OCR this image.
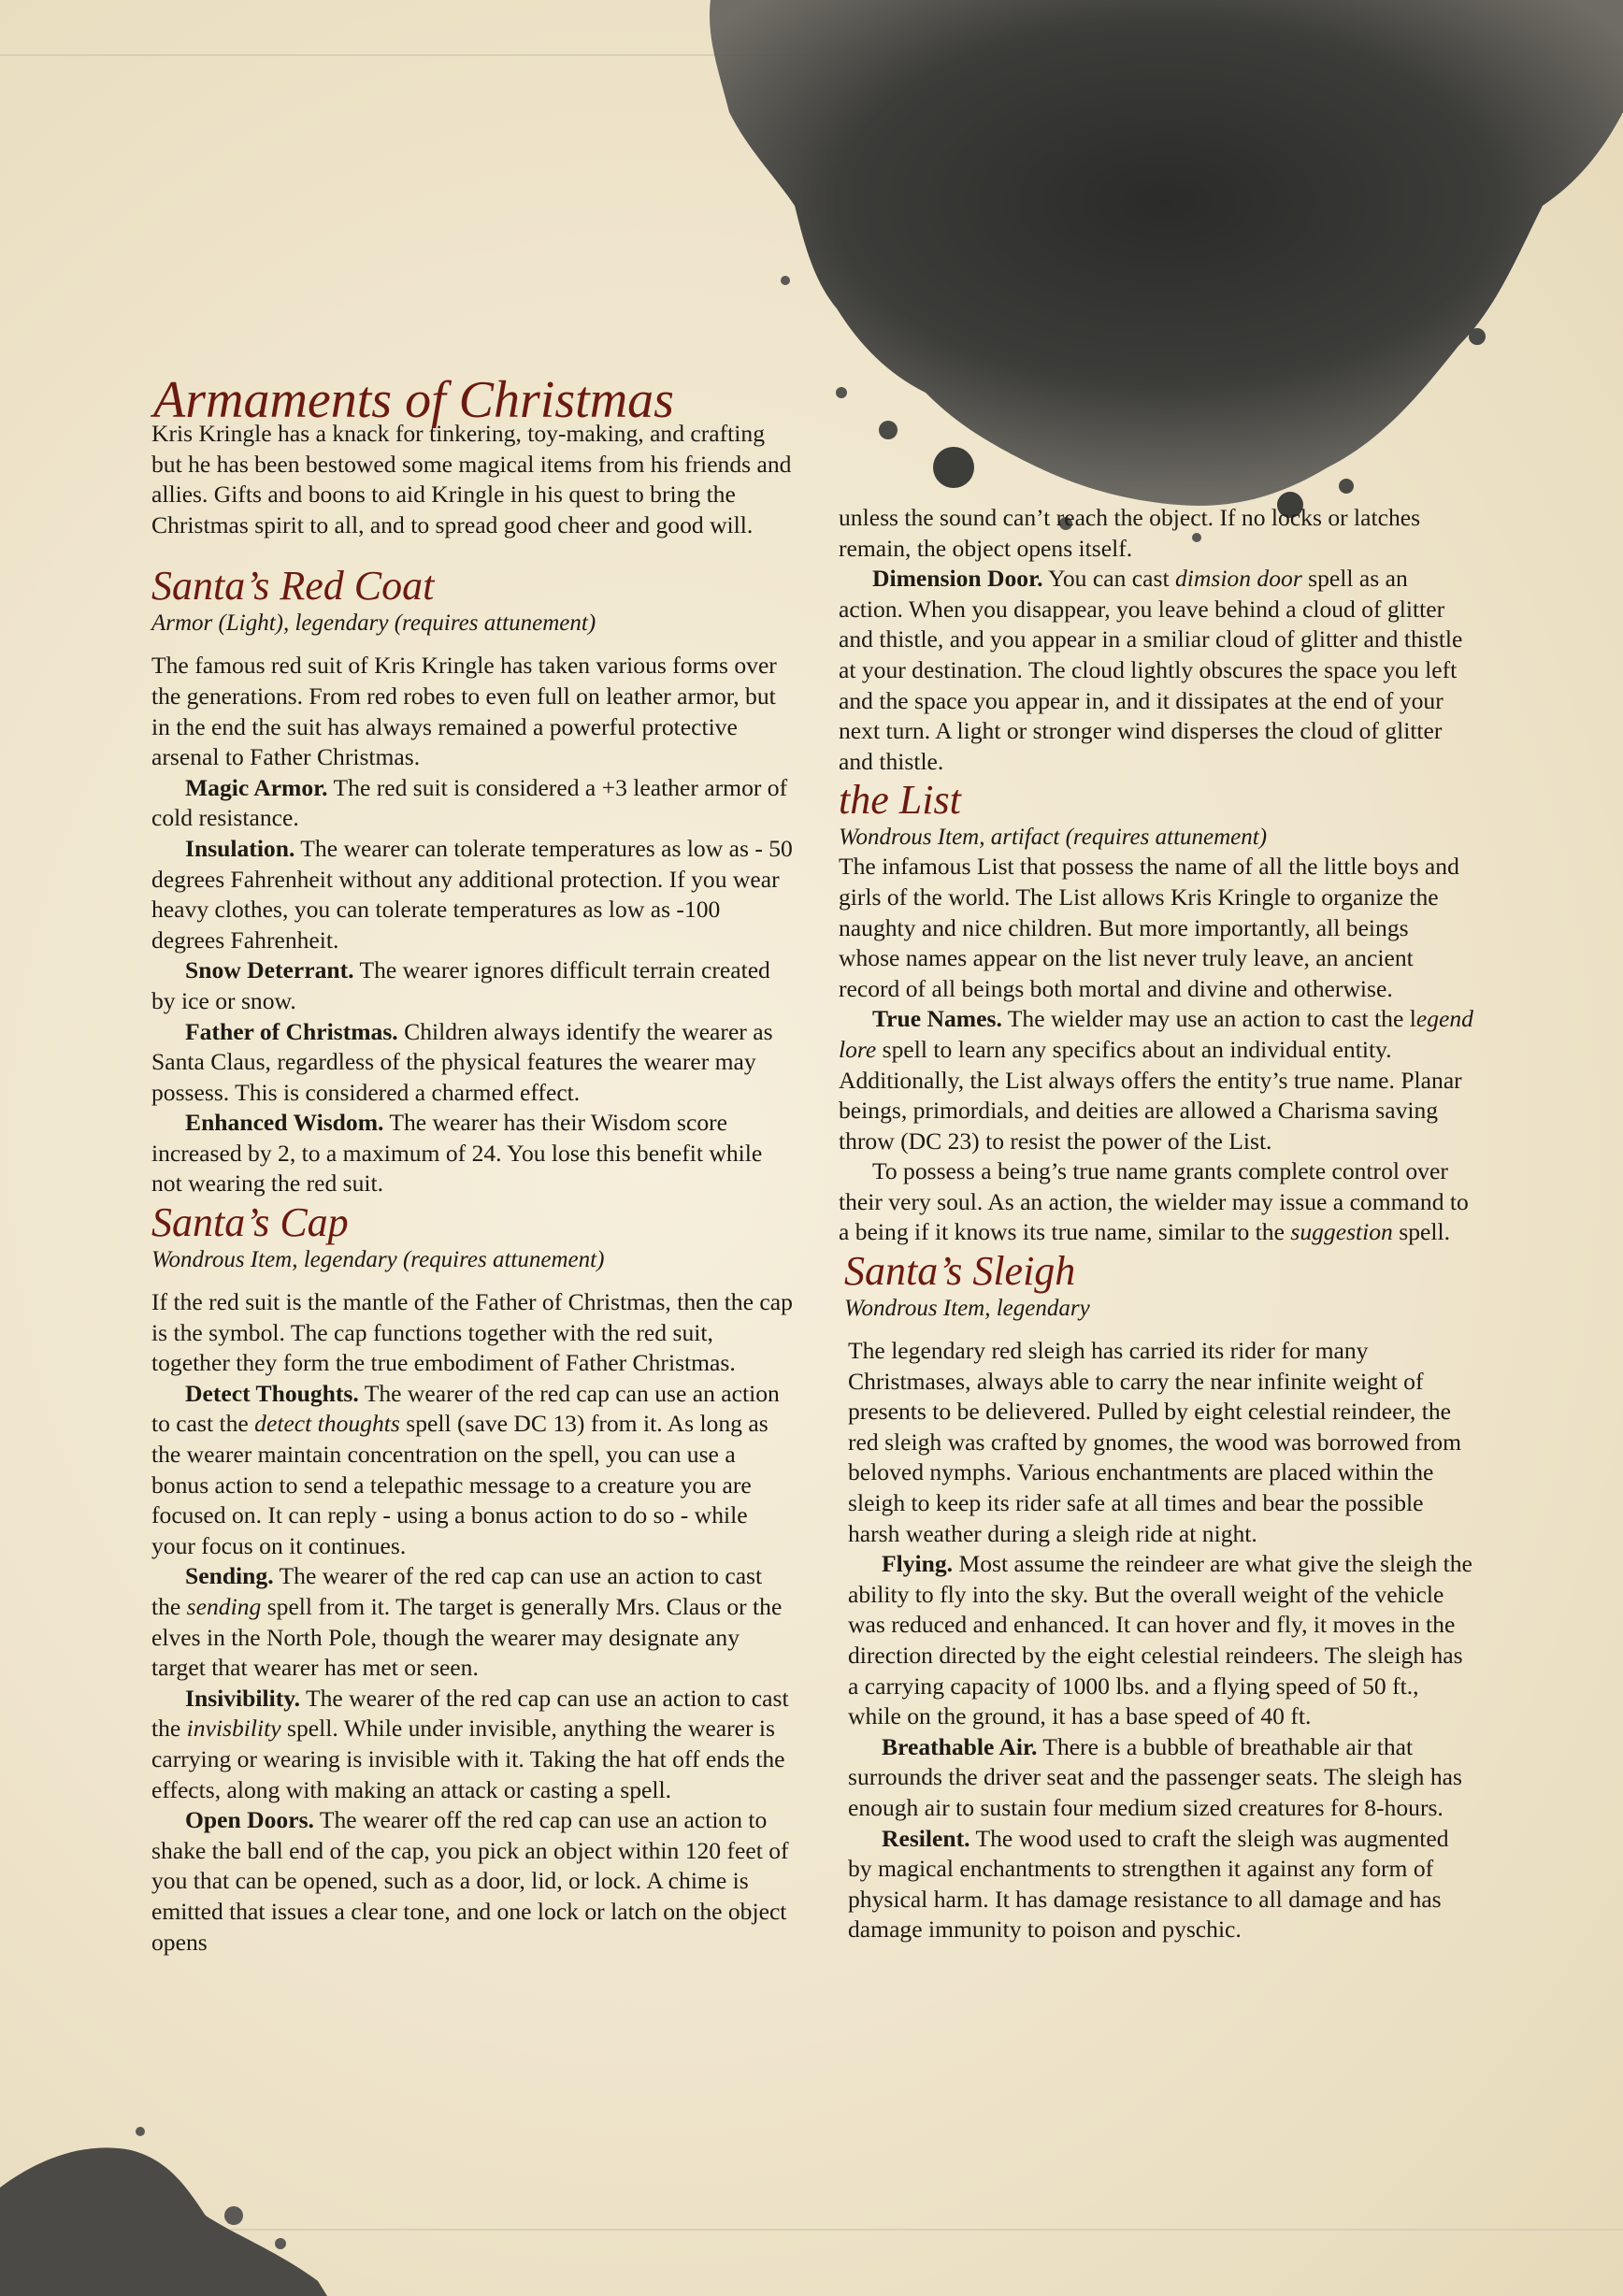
Armaments of Christmas

Kris Kringle has a knack for tinkering, toy-making, and crafting but he has been bestowed some magical items from his friends and allies. Gifts and boons to aid Kringle in his quest to bring the Christmas spirit to all, and to spread good cheer and good will.

Santa’s Red Coat

Armor (Light), legendary (requires attunement)

The famous red suit of Kris Kringle has taken various forms over the generations. From red robes to even full on leather armor, but in the end the suit has always remained a powerful protective arsenal to Father Christmas.

Magic Armor. The red suit is considered a +3 leather armor of cold resistance.

Insulation. The wearer can tolerate temperatures as low as - 50 degrees Fahrenheit without any additional protection. If you wear heavy clothes, you can tolerate temperatures as low as -100 degrees Fahrenheit.

Snow Deterrant. The wearer ignores difficult terrain created by ice or snow.

Father of Christmas. Children always identify the wearer as Santa Claus, regardless of the physical features the wearer may possess. This is considered a charmed effect.

Enhanced Wisdom. The wearer has their Wisdom score increased by 2, to a maximum of 24. You lose this benefit while not wearing the red suit.

Santa’s Cap

Wondrous Item, legendary (requires attunement)

If the red suit is the mantle of the Father of Christmas, then the cap is the symbol. The cap functions together with the red suit, together they form the true embodiment of Father Christmas.

Detect Thoughts. The wearer of the red cap can use an action to cast the detect thoughts spell (save DC 13) from it. As long as the wearer maintain concentration on the spell, you can use a bonus action to send a telepathic message to a creature you are focused on. It can reply - using a bonus action to do so - while your focus on it continues.

Sending. The wearer of the red cap can use an action to cast the sending spell from it. The target is generally Mrs. Claus or the elves in the North Pole, though the wearer may designate any target that wearer has met or seen.

Insivibility. The wearer of the red cap can use an action to cast the invisbility spell. While under invisible, anything the wearer is carrying or wearing is invisible with it. Taking the hat off ends the effects, along with making an attack or casting a spell.

Open Doors. The wearer off the red cap can use an action to shake the ball end of the cap, you pick an object within 120 feet of you that can be opened, such as a door, lid, or lock. A chime is emitted that issues a clear tone, and one lock or latch on the object opens

unless the sound can’t reach the object. If no locks or latches remain, the object opens itself.

Dimension Door. You can cast dimsion door spell as an action. When you disappear, you leave behind a cloud of glitter and thistle, and you appear in a smiliar cloud of glitter and thistle at your destination. The cloud lightly obscures the space you left and the space you appear in, and it dissipates at the end of your next turn. A light or stronger wind disperses the cloud of glitter and thistle.

the List

Wondrous Item, artifact (requires attunement)

The infamous List that possess the name of all the little boys and girls of the world. The List allows Kris Kringle to organize the naughty and nice children. But more importantly, all beings whose names appear on the list never truly leave, an ancient record of all beings both mortal and divine and otherwise.

True Names. The wielder may use an action to cast the legend lore spell to learn any specifics about an individual entity. Additionally, the List always offers the entity’s true name. Planar beings, primordials, and deities are allowed a Charisma saving throw (DC 23) to resist the power of the List.

To possess a being’s true name grants complete control over their very soul. As an action, the wielder may issue a command to a being if it knows its true name, similar to the suggestion spell.

Santa’s Sleigh

Wondrous Item, legendary

The legendary red sleigh has carried its rider for many Christmases, always able to carry the near infinite weight of presents to be delievered. Pulled by eight celestial reindeer, the red sleigh was crafted by gnomes, the wood was borrowed from beloved nymphs. Various enchantments are placed within the sleigh to keep its rider safe at all times and bear the possible harsh weather during a sleigh ride at night.

Flying. Most assume the reindeer are what give the sleigh the ability to fly into the sky. But the overall weight of the vehicle was reduced and enhanced. It can hover and fly, it moves in the direction directed by the eight celestial reindeers. The sleigh has a carrying capacity of 1000 lbs. and a flying speed of 50 ft., while on the ground, it has a base speed of 40 ft.

Breathable Air. There is a bubble of breathable air that surrounds the driver seat and the passenger seats. The sleigh has enough air to sustain four medium sized creatures for 8-hours.

Resilent. The wood used to craft the sleigh was augmented by magical enchantments to strengthen it against any form of physical harm. It has damage resistance to all damage and has damage immunity to poison and pyschic.
